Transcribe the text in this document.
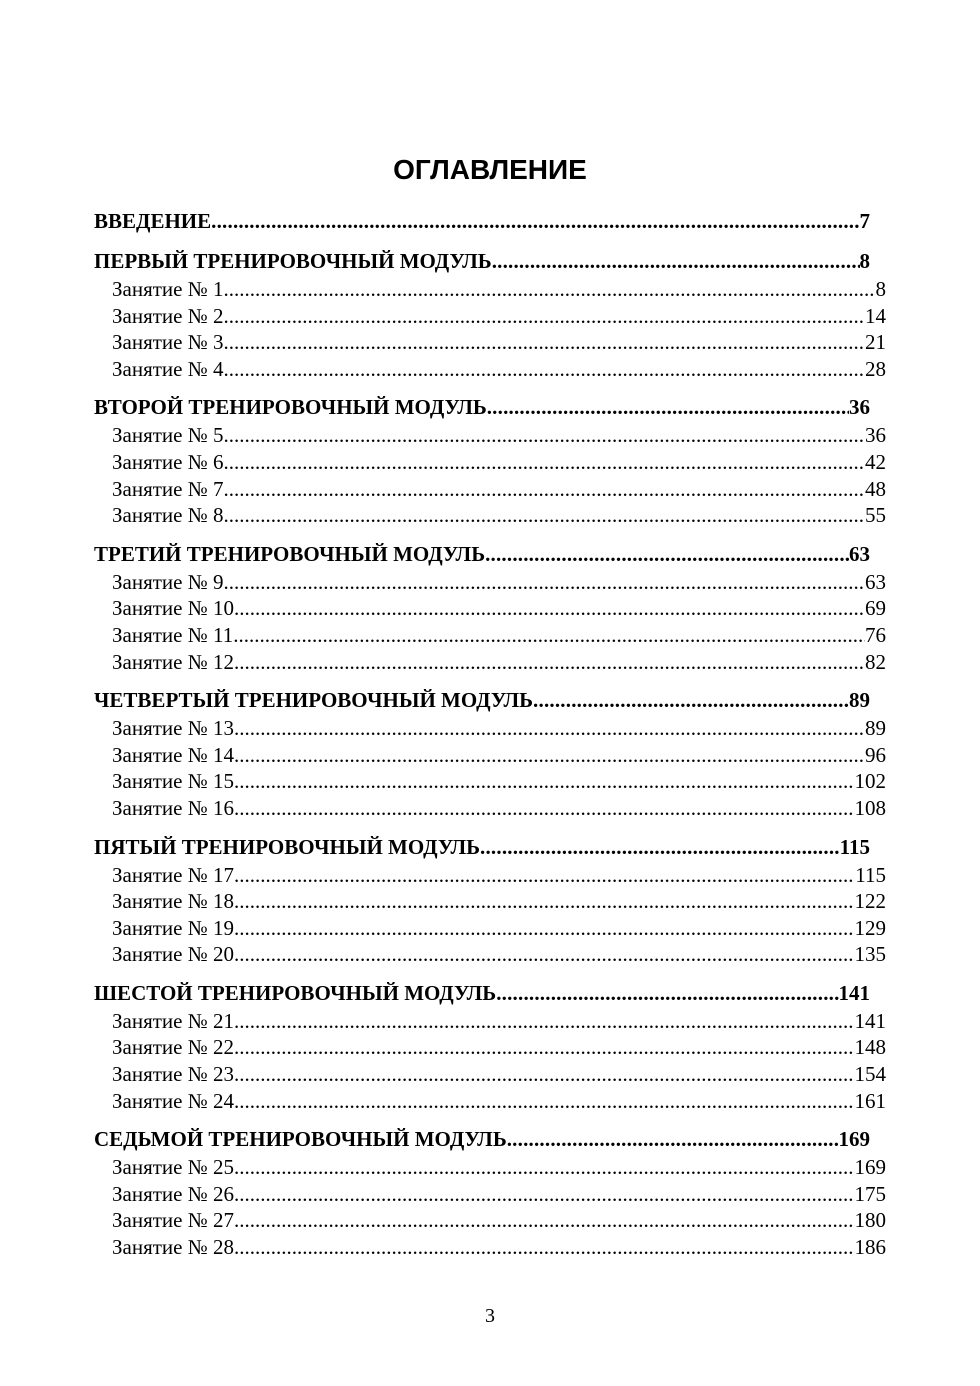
ОГЛАВЛЕНИЕ
ВВЕДЕНИЕ .....	7
ПЕРВЫЙ ТРЕНИРОВОЧНЫЙ МОДУЛЬ .....	8
Занятие № 1 .....	8
Занятие № 2 .....	14
Занятие № 3 .....	21
Занятие № 4 .....	28
ВТОРОЙ ТРЕНИРОВОЧНЫЙ МОДУЛЬ .....	36
Занятие № 5 .....	36
Занятие № 6 .....	42
Занятие № 7 .....	48
Занятие № 8 .....	55
ТРЕТИЙ ТРЕНИРОВОЧНЫЙ МОДУЛЬ .....	63
Занятие № 9 .....	63
Занятие № 10 .....	69
Занятие № 11 .....	76
Занятие № 12 .....	82
ЧЕТВЕРТЫЙ ТРЕНИРОВОЧНЫЙ МОДУЛЬ .....	89
Занятие № 13 .....	89
Занятие № 14 .....	96
Занятие № 15 .....	102
Занятие № 16 .....	108
ПЯТЫЙ ТРЕНИРОВОЧНЫЙ МОДУЛЬ .....	115
Занятие № 17 .....	115
Занятие № 18 .....	122
Занятие № 19 .....	129
Занятие № 20 .....	135
ШЕСТОЙ ТРЕНИРОВОЧНЫЙ МОДУЛЬ .....	141
Занятие № 21 .....	141
Занятие № 22 .....	148
Занятие № 23 .....	154
Занятие № 24 .....	161
СЕДЬМОЙ ТРЕНИРОВОЧНЫЙ МОДУЛЬ .....	169
Занятие № 25 .....	169
Занятие № 26 .....	175
Занятие № 27 .....	180
Занятие № 28 .....	186
3
